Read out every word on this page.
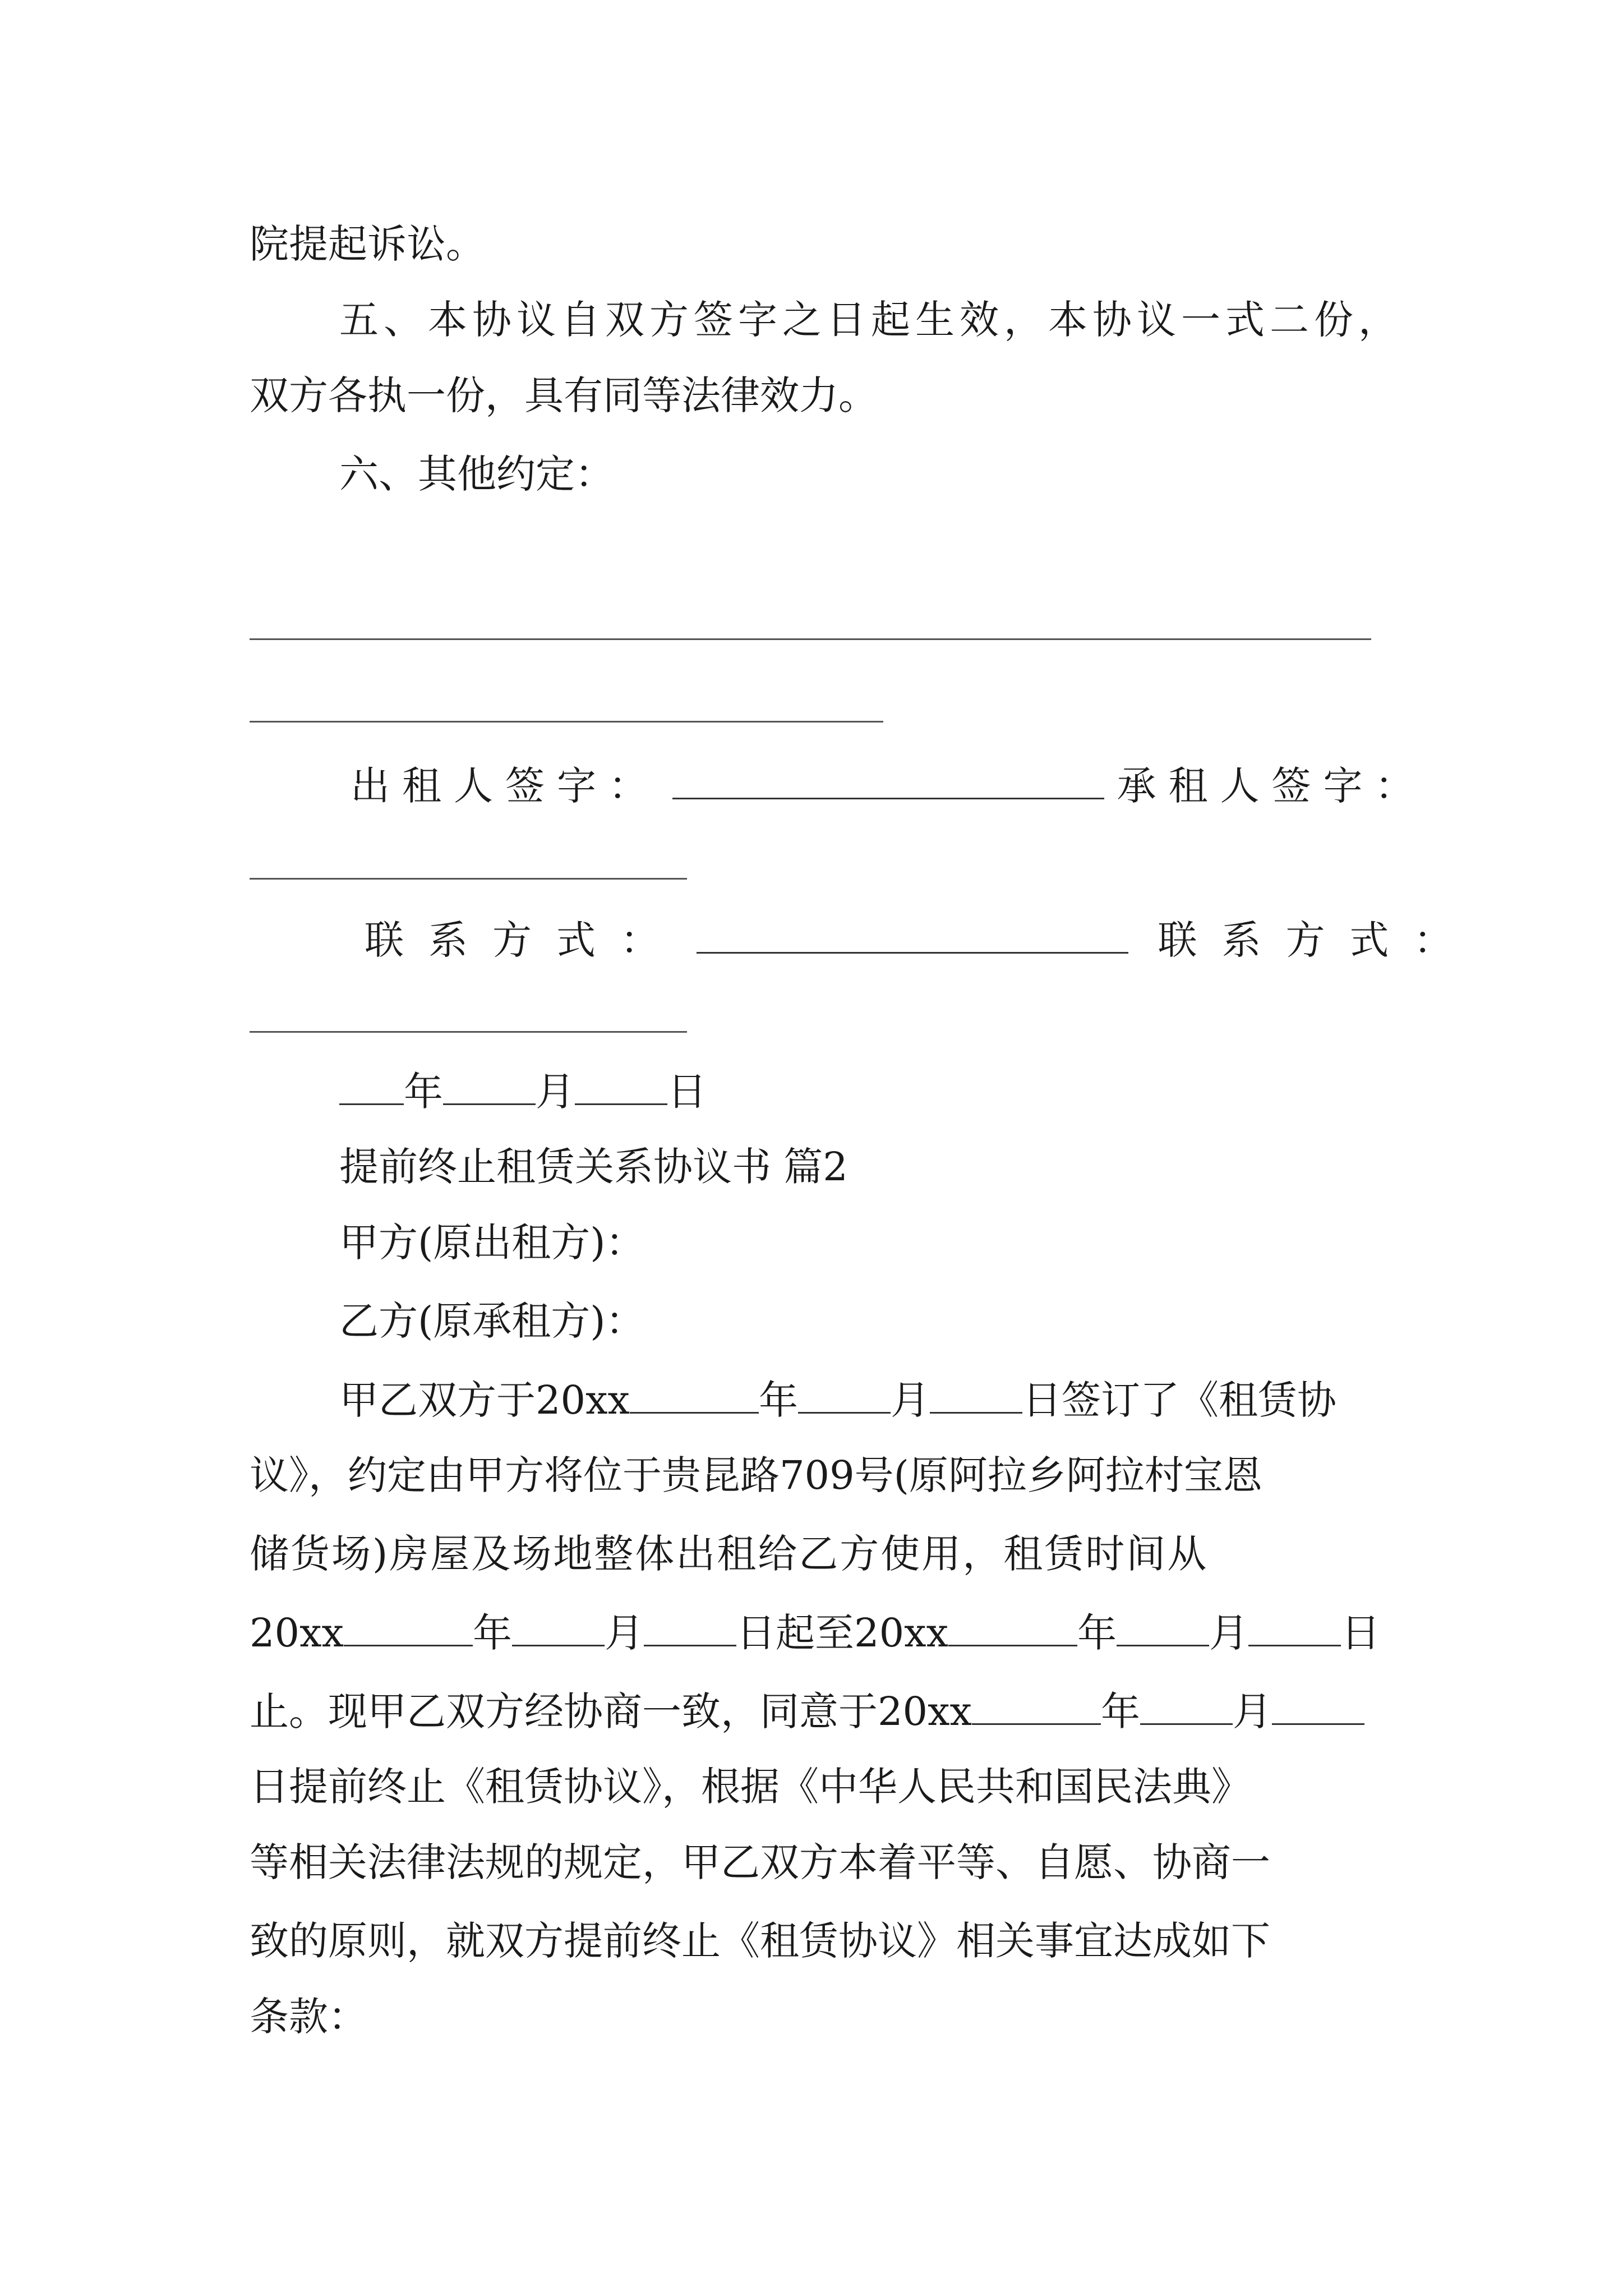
院提起诉讼。
五、本协议自双方签字之日起生效，本协议一式二份，
双方各执一份，具有同等法律效力。
六、其他约定：
出租人签字：	承租人签字：
联系方式：	联系方式：
年 月 日
提前终止租赁关系协议书 篇2
甲方(原出租方)：
乙方(原承租方)：
甲乙双方于20xx	年 月 日签订了《租赁协
议》，约定由甲方将位于贵昆路709号(原阿拉乡阿拉村宝恩
储货场)房屋及场地整体出租给乙方使用，租赁时间从
20xx	年 月 日起至20xx	年 月 日
止。现甲乙双方经协商一致，同意于20xx	年 月
日提前终止《租赁协议》，根据《中华人民共和国民法典》
等相关法律法规的规定，甲乙双方本着平等、自愿、协商一
致的原则，就双方提前终止《租赁协议》相关事宜达成如下
条款：
